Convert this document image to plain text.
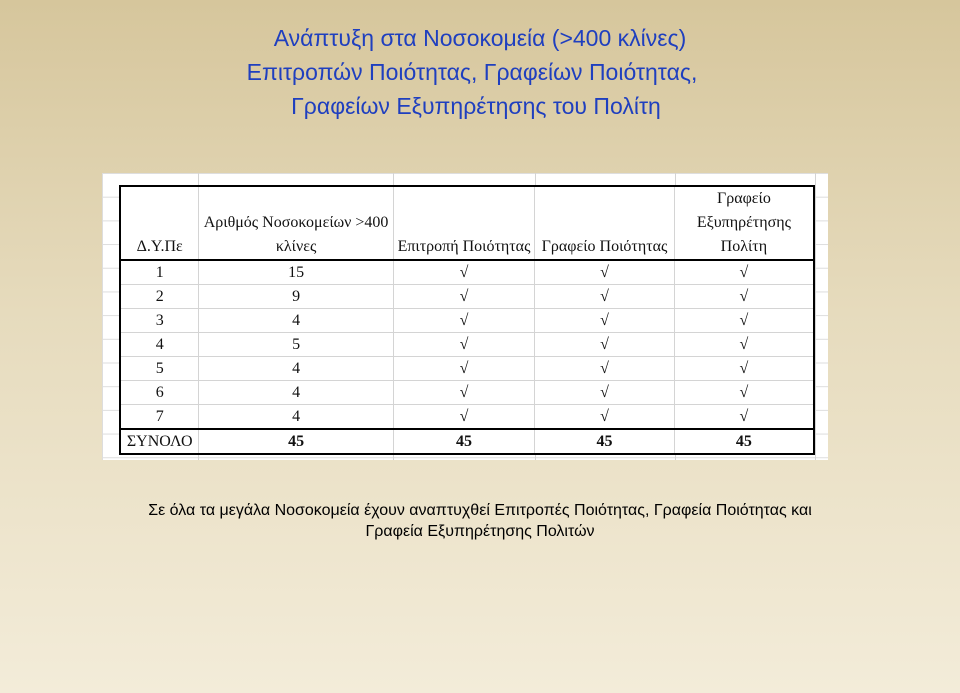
Ανάπτυξη στα Νοσοκομεία (>400 κλίνες)
Επιτροπών Ποιότητας, Γραφείων Ποιότητας,
Γραφείων Εξυπηρέτησης του Πολίτη
Δ.Υ.Πε	Αριθμός Νοσοκομείων >400 κλίνες	Επιτροπή Ποιότητας	Γραφείο Ποιότητας	Γραφείο Εξυπηρέτησης Πολίτη
1	15	√	√	√
2	9	√	√	√
3	4	√	√	√
4	5	√	√	√
5	4	√	√	√
6	4	√	√	√
7	4	√	√	√
ΣΥΝΟΛΟ	45	45	45	45
Σε όλα τα μεγάλα Νοσοκομεία έχουν αναπτυχθεί Επιτροπές Ποιότητας, Γραφεία Ποιότητας και
Γραφεία Εξυπηρέτησης Πολιτών
